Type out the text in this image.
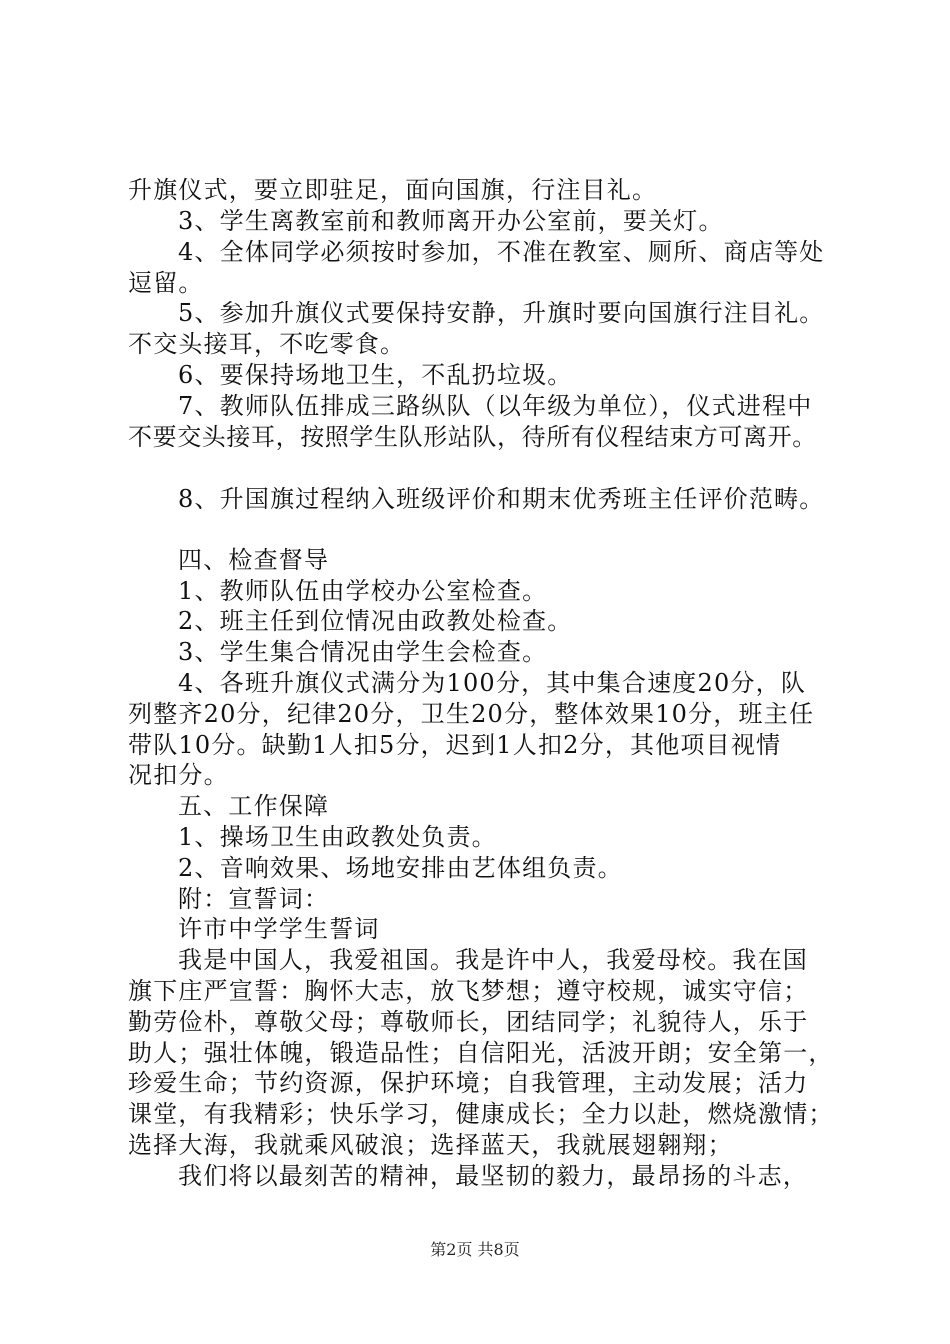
升旗仪式，要立即驻足，面向国旗，行注目礼。
3、学生离教室前和教师离开办公室前，要关灯。
4、全体同学必须按时参加，不准在教室、厕所、商店等处
逗留。
5、参加升旗仪式要保持安静，升旗时要向国旗行注目礼。
不交头接耳，不吃零食。
6、要保持场地卫生，不乱扔垃圾。
7、教师队伍排成三路纵队（以年级为单位），仪式进程中
不要交头接耳，按照学生队形站队，待所有仪程结束方可离开。
8、升国旗过程纳入班级评价和期末优秀班主任评价范畴。
四、检查督导
1、教师队伍由学校办公室检查。
2、班主任到位情况由政教处检查。
3、学生集合情况由学生会检查。
4、各班升旗仪式满分为100分，其中集合速度20分，队
列整齐20分，纪律20分，卫生20分，整体效果10分，班主任
带队10分。缺勤1人扣5分，迟到1人扣2分，其他项目视情
况扣分。
五、工作保障
1、操场卫生由政教处负责。
2、音响效果、场地安排由艺体组负责。
附：宣誓词：
许市中学学生誓词
我是中国人，我爱祖国。我是许中人，我爱母校。我在国
旗下庄严宣誓：胸怀大志，放飞梦想；遵守校规，诚实守信；
勤劳俭朴，尊敬父母；尊敬师长，团结同学；礼貌待人，乐于
助人；强壮体魄，锻造品性；自信阳光，活波开朗；安全第一，
珍爱生命；节约资源，保护环境；自我管理，主动发展；活力
课堂，有我精彩；快乐学习，健康成长；全力以赴，燃烧激情；
选择大海，我就乘风破浪；选择蓝天，我就展翅翱翔；
我们将以最刻苦的精神，最坚韧的毅力，最昂扬的斗志，
第2页 共8页
